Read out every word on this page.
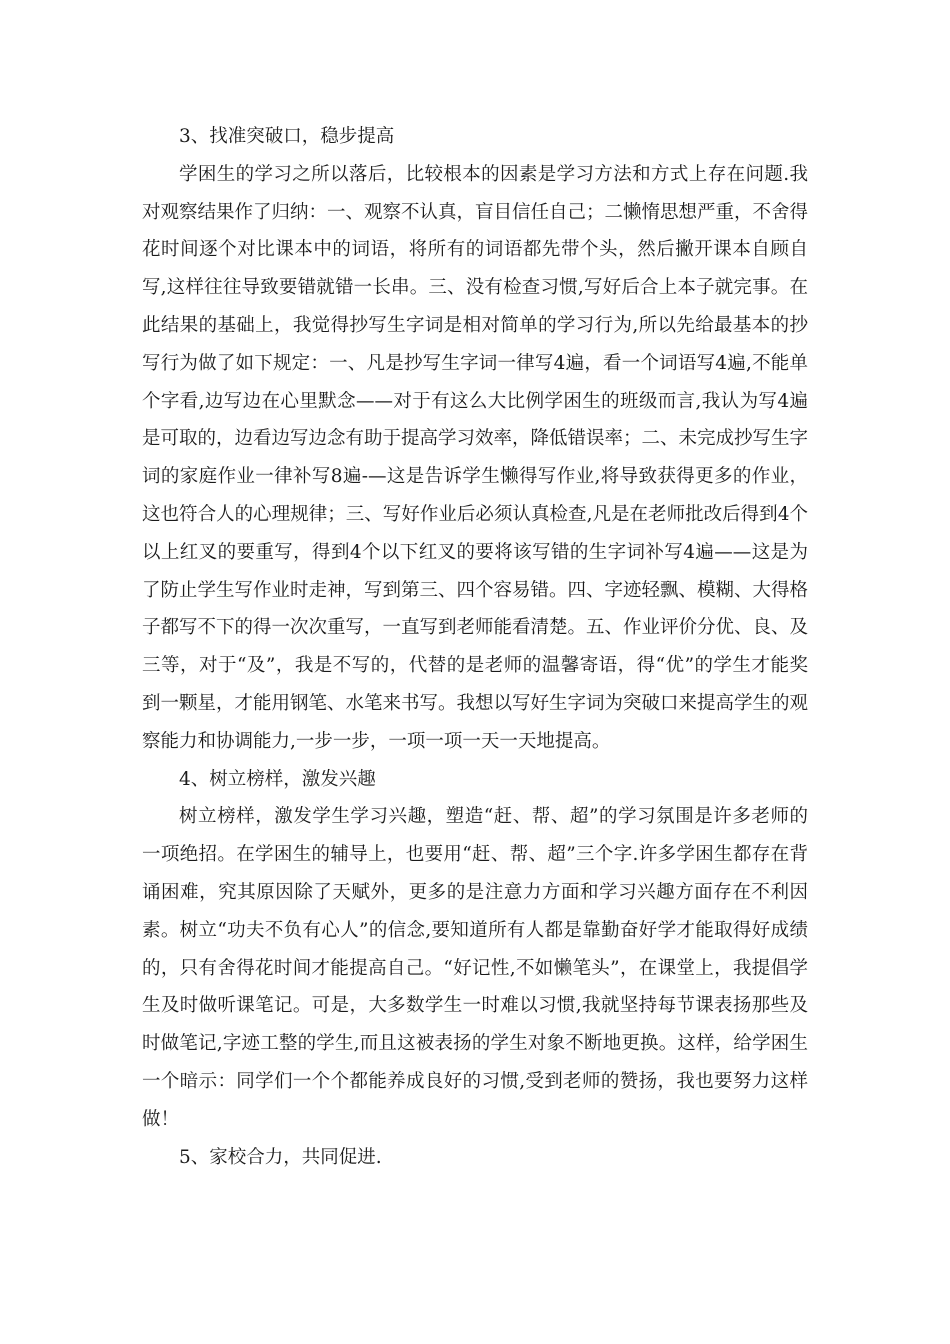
3、找准突破口，稳步提高

学困生的学习之所以落后，比较根本的因素是学习方法和方式上存在问题.我对观察结果作了归纳：一、观察不认真，盲目信任自己；二懒惰思想严重，不舍得花时间逐个对比课本中的词语，将所有的词语都先带个头，然后撇开课本自顾自写,这样往往导致要错就错一长串。三、没有检查习惯,写好后合上本子就完事。在此结果的基础上，我觉得抄写生字词是相对简单的学习行为,所以先给最基本的抄写行为做了如下规定：一、凡是抄写生字词一律写4遍，看一个词语写4遍,不能单个字看,边写边在心里默念——对于有这么大比例学困生的班级而言,我认为写4遍是可取的，边看边写边念有助于提高学习效率，降低错误率；二、未完成抄写生字词的家庭作业一律补写8遍-—这是告诉学生懒得写作业,将导致获得更多的作业，这也符合人的心理规律；三、写好作业后必须认真检查,凡是在老师批改后得到4个以上红叉的要重写，得到4个以下红叉的要将该写错的生字词补写4遍——这是为了防止学生写作业时走神，写到第三、四个容易错。四、字迹轻飘、模糊、大得格子都写不下的得一次次重写，一直写到老师能看清楚。五、作业评价分优、良、及三等，对于“及”，我是不写的，代替的是老师的温馨寄语，得“优”的学生才能奖到一颗星，才能用钢笔、水笔来书写。我想以写好生字词为突破口来提高学生的观察能力和协调能力,一步一步，一项一项一天一天地提高。

4、树立榜样，激发兴趣

树立榜样，激发学生学习兴趣，塑造“赶、帮、超”的学习氛围是许多老师的一项绝招。在学困生的辅导上，也要用“赶、帮、超”三个字.许多学困生都存在背诵困难，究其原因除了天赋外，更多的是注意力方面和学习兴趣方面存在不利因素。树立“功夫不负有心人”的信念,要知道所有人都是靠勤奋好学才能取得好成绩的，只有舍得花时间才能提高自己。“好记性,不如懒笔头”，在课堂上，我提倡学生及时做听课笔记。可是，大多数学生一时难以习惯,我就坚持每节课表扬那些及时做笔记,字迹工整的学生,而且这被表扬的学生对象不断地更换。这样，给学困生一个暗示：同学们一个个都能养成良好的习惯,受到老师的赞扬，我也要努力这样做！

5、家校合力，共同促进.
